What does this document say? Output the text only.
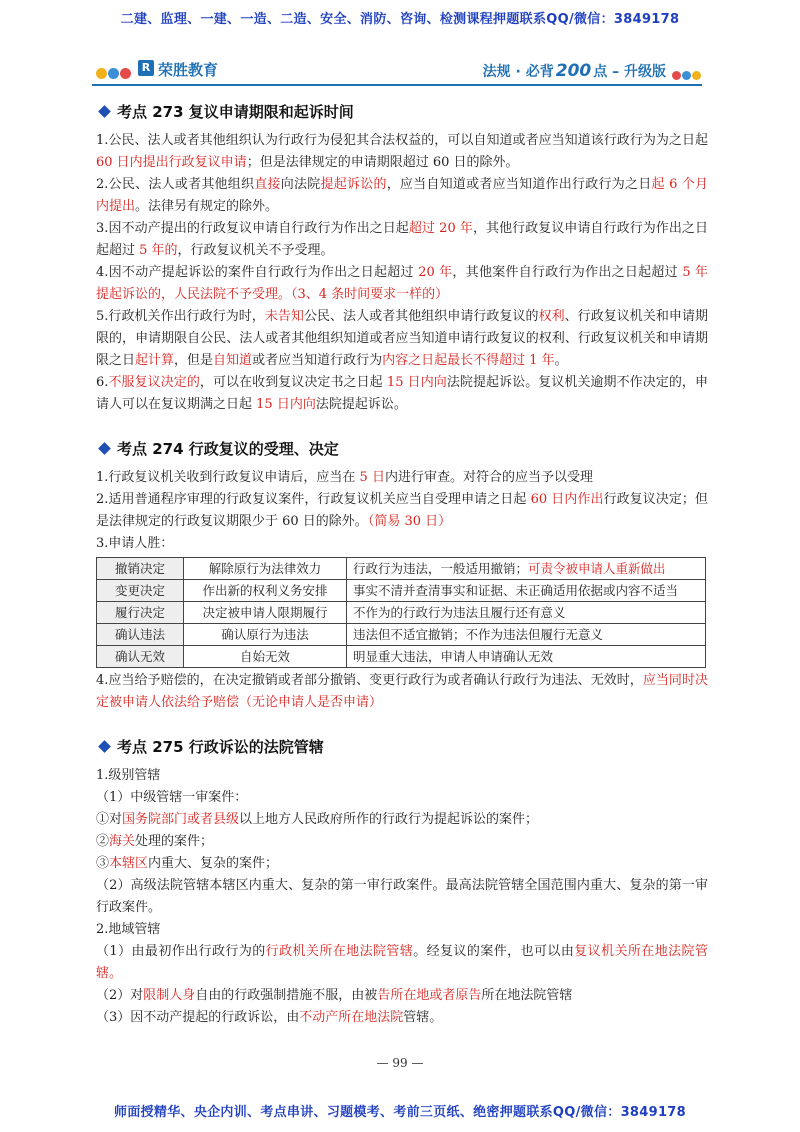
二建、监理、一建、一造、二造、安全、消防、咨询、检测课程押题联系QQ/微信：3849178
R 荣胜教育	法规 · 必背 200 点 – 升级版
考点 273 复议申请期限和起诉时间

1.公民、法人或者其他组织认为行政行为侵犯其合法权益的，可以自知道或者应当知道该行政行为为之日起60 日内提出行政复议申请；但是法律规定的申请期限超过 60 日的除外。

2.公民、法人或者其他组织直接向法院提起诉讼的，应当自知道或者应当知道作出行政行为之日起 6 个月内提出。法律另有规定的除外。

3.因不动产提出的行政复议申请自行政行为作出之日起超过 20 年，其他行政复议申请自行政行为作出之日起超过 5 年的，行政复议机关不予受理。

4.因不动产提起诉讼的案件自行政行为作出之日起超过 20 年，其他案件自行政行为作出之日起超过 5 年提起诉讼的，人民法院不予受理。（3、4 条时间要求一样的）

5.行政机关作出行政行为时，未告知公民、法人或者其他组织申请行政复议的权利、行政复议机关和申请期限的，申请期限自公民、法人或者其他组织知道或者应当知道申请行政复议的权利、行政复议机关和申请期限之日起计算，但是自知道或者应当知道行政行为内容之日起最长不得超过 1 年。

6.不服复议决定的，可以在收到复议决定书之日起 15 日内向法院提起诉讼。复议机关逾期不作决定的，申请人可以在复议期满之日起 15 日内向法院提起诉讼。

考点 274 行政复议的受理、决定

1.行政复议机关收到行政复议申请后，应当在 5 日内进行审查。对符合的应当予以受理

2.适用普通程序审理的行政复议案件，行政复议机关应当自受理申请之日起 60 日内作出行政复议决定；但是法律规定的行政复议期限少于 60 日的除外。（简易 30 日）

3.申请人胜：

撤销决定	解除原行为法律效力	行政行为违法，一般适用撤销；可责令被申请人重新做出
变更决定	作出新的权利义务安排	事实不清并查清事实和证据、未正确适用依据或内容不适当
履行决定	决定被申请人限期履行	不作为的行政行为违法且履行还有意义
确认违法	确认原行为违法	违法但不适宜撤销；不作为违法但履行无意义
确认无效	自始无效	明显重大违法，申请人申请确认无效

4.应当给予赔偿的，在决定撤销或者部分撤销、变更行政行为或者确认行政行为违法、无效时，应当同时决定被申请人依法给予赔偿（无论申请人是否申请）

考点 275 行政诉讼的法院管辖

1.级别管辖

（1）中级管辖一审案件：

①对国务院部门或者县级以上地方人民政府所作的行政行为提起诉讼的案件；

②海关处理的案件；

③本辖区内重大、复杂的案件；

（2）高级法院管辖本辖区内重大、复杂的第一审行政案件。最高法院管辖全国范围内重大、复杂的第一审行政案件。

2.地域管辖

（1）由最初作出行政行为的行政机关所在地法院管辖。经复议的案件，也可以由复议机关所在地法院管辖。

（2）对限制人身自由的行政强制措施不服，由被告所在地或者原告所在地法院管辖

（3）因不动产提起的行政诉讼，由不动产所在地法院管辖。

— 99 —
师面授精华、央企内训、考点串讲、习题模考、考前三页纸、绝密押题联系QQ/微信：3849178
